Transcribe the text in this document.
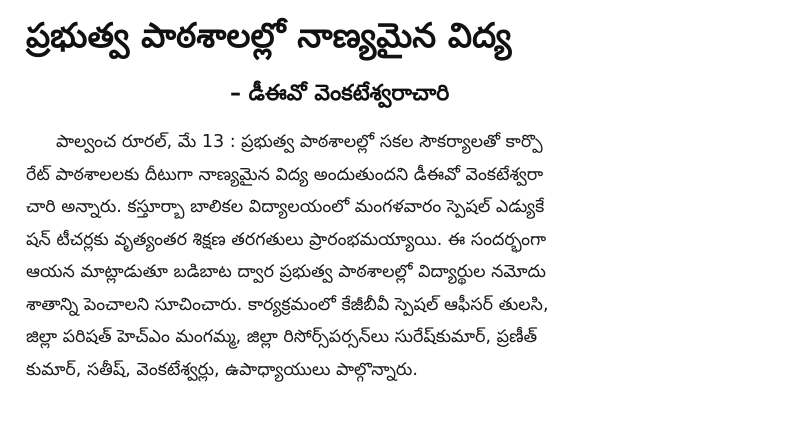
ప్రభుత్వ పాఠశాలల్లో నాణ్యమైన విద్య
– డీఈవో వెంకటేశ్వరాచారి
పాల్వంచ రూరల్, మే 13 : ప్రభుత్వ పాఠశాలల్లో సకల సౌకర్యాలతో కార్పొ
రేట్ పాఠశాలలకు దీటుగా నాణ్యమైన విద్య అందుతుందని డీఈవో వెంకటేశ్వరా
చారి అన్నారు. కస్తూర్బా బాలికల విద్యాలయంలో మంగళవారం స్పెషల్ ఎడ్యుకే
షన్ టీచర్లకు వృత్యంతర శిక్షణ తరగతులు ప్రారంభమయ్యాయి. ఈ సందర్భంగా
ఆయన మాట్లాడుతూ బడిబాట ద్వార ప్రభుత్వ పాఠశాలల్లో విద్యార్థుల నమోదు
శాతాన్ని పెంచాలని సూచించారు. కార్యక్రమంలో కేజీబీవీ స్పెషల్ ఆఫీసర్ తులసి,
జిల్లా పరిషత్ హెచ్ఎం మంగమ్మ, జిల్లా రిసోర్స్‌పర్సన్‌లు సురేష్‌కుమార్, ప్రణీత్
కుమార్, సతీష్, వెంకటేశ్వర్లు, ఉపాధ్యాయులు పాల్గొన్నారు.
